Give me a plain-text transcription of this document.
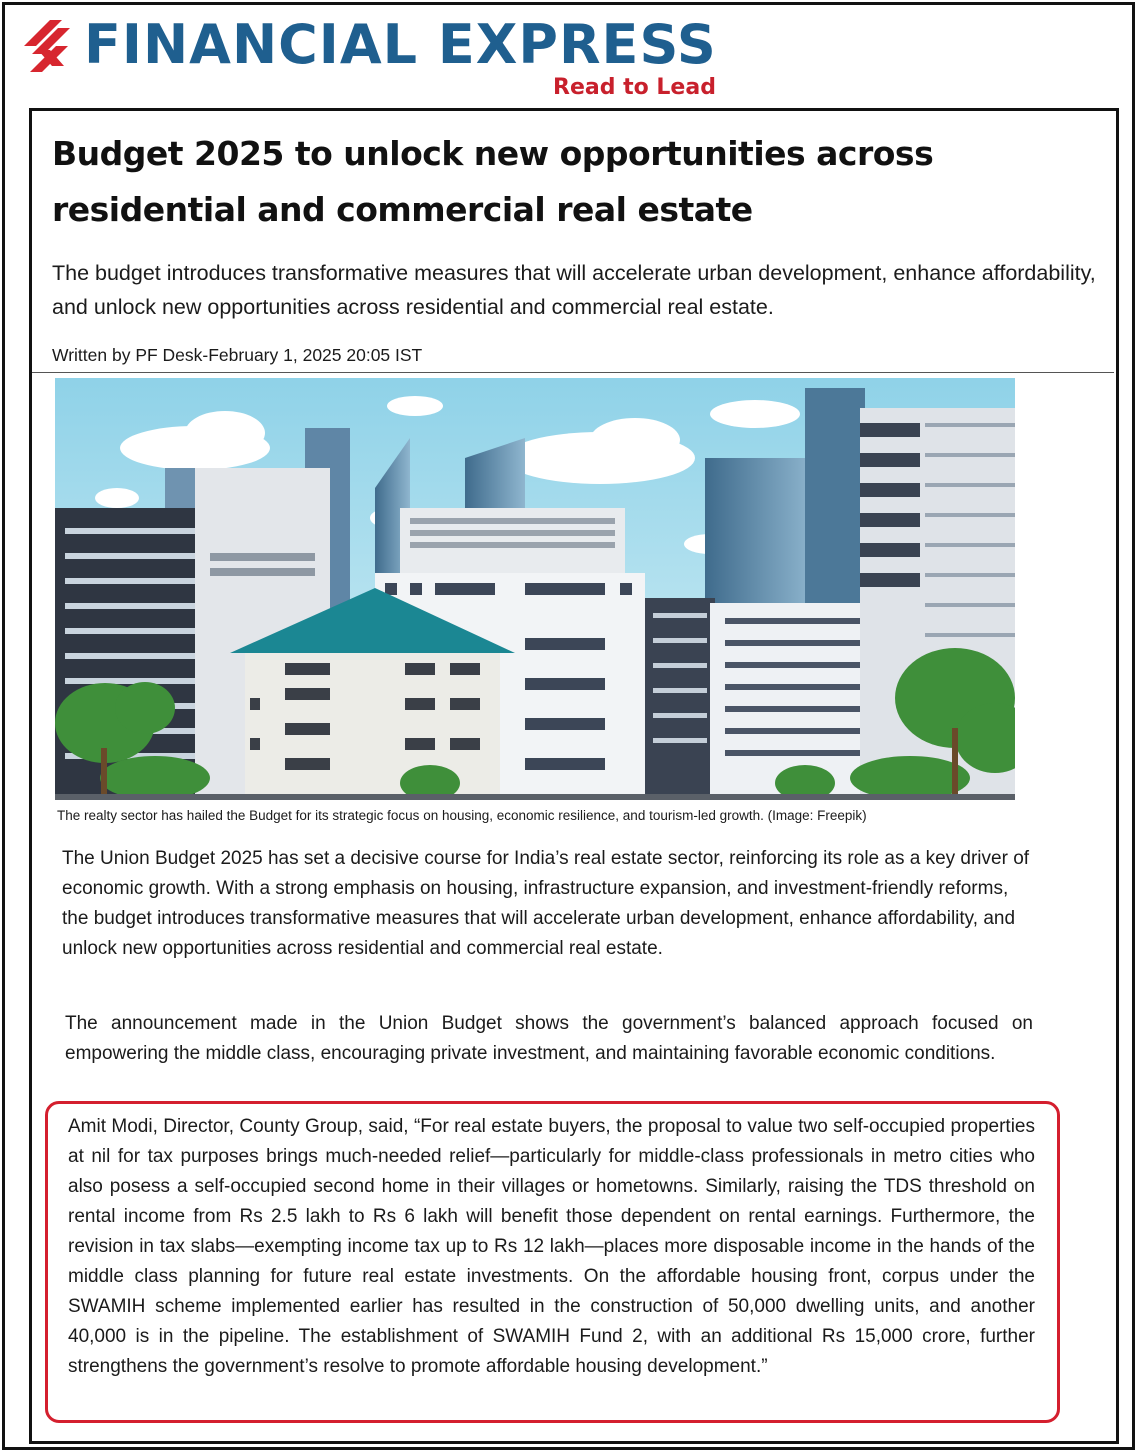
FINANCIAL EXPRESS
Read to Lead
Budget 2025 to unlock new opportunities across residential and commercial real estate

The budget introduces transformative measures that will accelerate urban development, enhance affordability, and unlock new opportunities across residential and commercial real estate.

Written by PF Desk-February 1, 2025 20:05 IST
The realty sector has hailed the Budget for its strategic focus on housing, economic resilience, and tourism-led growth. (Image: Freepik)

The Union Budget 2025 has set a decisive course for India’s real estate sector, reinforcing its role as a key driver of economic growth. With a strong emphasis on housing, infrastructure expansion, and investment-friendly reforms, the budget introduces transformative measures that will accelerate urban development, enhance affordability, and unlock new opportunities across residential and commercial real estate.

The announcement made in the Union Budget shows the government’s balanced approach focused on empowering the middle class, encouraging private investment, and maintaining favorable economic conditions.

Amit Modi, Director, County Group, said, “For real estate buyers, the proposal to value two self-occupied properties at nil for tax purposes brings much-needed relief—particularly for middle-class professionals in metro cities who also posess a self-occupied second home in their villages or hometowns. Similarly, raising the TDS threshold on rental income from Rs 2.5 lakh to Rs 6 lakh will benefit those dependent on rental earnings. Furthermore, the revision in tax slabs—exempting income tax up to Rs 12 lakh—places more disposable income in the hands of the middle class planning for future real estate investments. On the affordable housing front, corpus under the SWAMIH scheme implemented earlier has resulted in the construction of 50,000 dwelling units, and another 40,000 is in the pipeline. The establishment of SWAMIH Fund 2, with an additional Rs 15,000 crore, further strengthens the government’s resolve to promote affordable housing development.”
